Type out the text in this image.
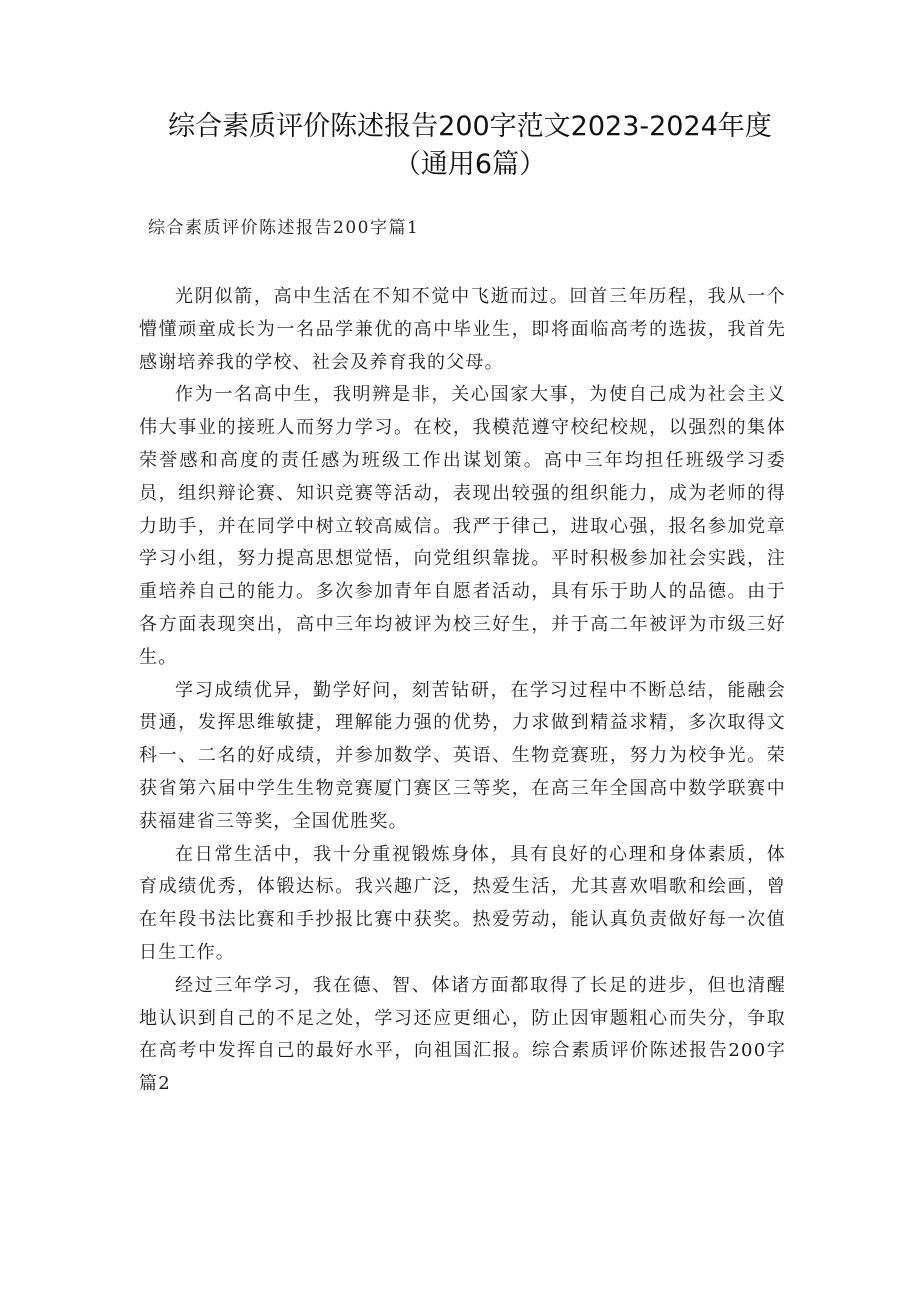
综合素质评价陈述报告200字范文2023-2024年度（通用6篇）
综合素质评价陈述报告200字篇1

光阴似箭，高中生活在不知不觉中飞逝而过。回首三年历程，我从一个懵懂顽童成长为一名品学兼优的高中毕业生，即将面临高考的选拔，我首先感谢培养我的学校、社会及养育我的父母。

作为一名高中生，我明辨是非，关心国家大事，为使自己成为社会主义伟大事业的接班人而努力学习。在校，我模范遵守校纪校规，以强烈的集体荣誉感和高度的责任感为班级工作出谋划策。高中三年均担任班级学习委员，组织辩论赛、知识竞赛等活动，表现出较强的组织能力，成为老师的得力助手，并在同学中树立较高威信。我严于律己，进取心强，报名参加党章学习小组，努力提高思想觉悟，向党组织靠拢。平时积极参加社会实践，注重培养自己的能力。多次参加青年自愿者活动，具有乐于助人的品德。由于各方面表现突出，高中三年均被评为校三好生，并于高二年被评为市级三好生。

学习成绩优异，勤学好问，刻苦钻研，在学习过程中不断总结，能融会贯通，发挥思维敏捷，理解能力强的优势，力求做到精益求精，多次取得文科一、二名的好成绩，并参加数学、英语、生物竞赛班，努力为校争光。荣获省第六届中学生生物竞赛厦门赛区三等奖，在高三年全国高中数学联赛中获福建省三等奖，全国优胜奖。

在日常生活中，我十分重视锻炼身体，具有良好的心理和身体素质，体育成绩优秀，体锻达标。我兴趣广泛，热爱生活，尤其喜欢唱歌和绘画，曾在年段书法比赛和手抄报比赛中获奖。热爱劳动，能认真负责做好每一次值日生工作。

经过三年学习，我在德、智、体诸方面都取得了长足的进步，但也清醒地认识到自己的不足之处，学习还应更细心，防止因审题粗心而失分，争取在高考中发挥自己的最好水平，向祖国汇报。综合素质评价陈述报告200字篇2
